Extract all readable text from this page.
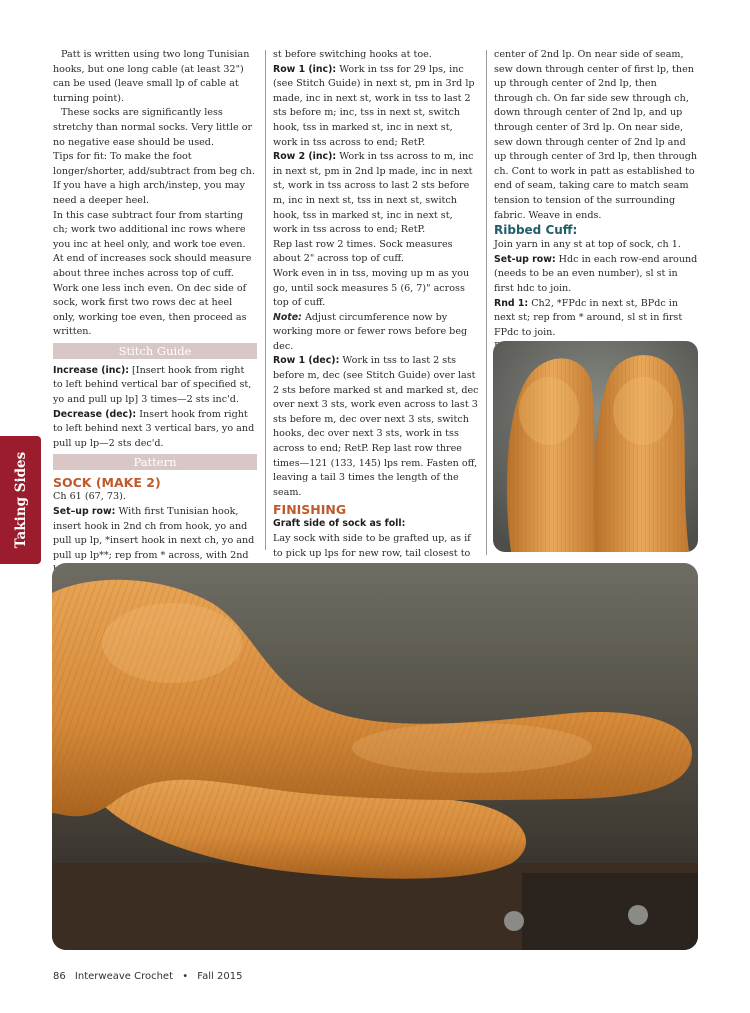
Taking Sides

Patt is written using two long Tunisian hooks, but one long cable (at least 32") can be used (leave small lp of cable at turning point).

These socks are significantly less stretchy than normal socks. Very little or no negative ease should be used.

Tips for fit: To make the foot longer/shorter, add/subtract from beg ch. If you have a high arch/instep, you may need a deeper heel.

In this case subtract four from starting ch; work two additional inc rows where you inc at heel only, and work toe even. At end of increases sock should measure about three inches across top of cuff. Work one less inch even. On dec side of sock, work first two rows dec at heel only, working toe even, then proceed as written.

Stitch Guide

Increase (inc): [Insert hook from right to left behind vertical bar of specified st, yo and pull up lp] 3 times—2 sts inc'd.

Decrease (dec): Insert hook from right to left behind next 3 vertical bars, yo and pull up lp—2 sts dec'd.

Pattern
SOCK (MAKE 2)

Ch 61 (67, 73).

Set–up row: With first Tunisian hook, insert hook in 2nd ch from hook, yo and pull up lp, *insert hook in next ch, yo and pull up lp**; rep from * across, with 2nd

st before switching hooks at toe.

Row 1 (inc): Work in tss for 29 lps, inc (see Stitch Guide) in next st, pm in 3rd lp made, inc in next st, work in tss to last 2 sts before m; inc, tss in next st, switch hook, tss in marked st, inc in next st, work in tss across to end; RetP.

Row 2 (inc): Work in tss across to m, inc in next st, pm in 2nd lp made, inc in next st, work in tss across to last 2 sts before m, inc in next st, tss in next st, switch hook, tss in marked st, inc in next st, work in tss across to end; RetP.

Rep last row 2 times. Sock measures about 2" across top of cuff.

Work even in in tss, moving up m as you go, until sock measures 5 (6, 7)" across top of cuff.

Note: Adjust circumference now by working more or fewer rows before beg dec.

Row 1 (dec): Work in tss to last 2 sts before m, dec (see Stitch Guide) over last 2 sts before marked st and marked st, dec over next 3 sts, work even across to last 3 sts before m, dec over next 3 sts, switch hooks, dec over next 3 sts, work in tss across to end; RetP. Rep last row three times—121 (133, 145) lps rem. Fasten off, leaving a tail 3 times the length of the seam.

FINISHING

Graft side of sock as foll:

Lay sock with side to be grafted up, as if to pick up lps for new row, tail closest to

center of 2nd lp. On near side of seam, sew down through center of first lp, then up through center of 2nd lp, then through ch. On far side sew through ch, down through center of 2nd lp, and up through center of 3rd lp. On near side, sew down through center of 2nd lp and up through center of 3rd lp, then through ch. Cont to work in patt as established to end of seam, taking care to match seam tension to tension of the surrounding fabric. Weave in ends.

Ribbed Cuff:

Join yarn in any st at top of sock, ch 1.

Set-up row: Hdc in each row-end around (needs to be an even number), sl st in first hdc to join.

Rnd 1: Ch2, *FPdc in next st, BPdc in next st; rep from * around, sl st in first FPdc to join.

86 Interweave Crochet • Fall 2015
